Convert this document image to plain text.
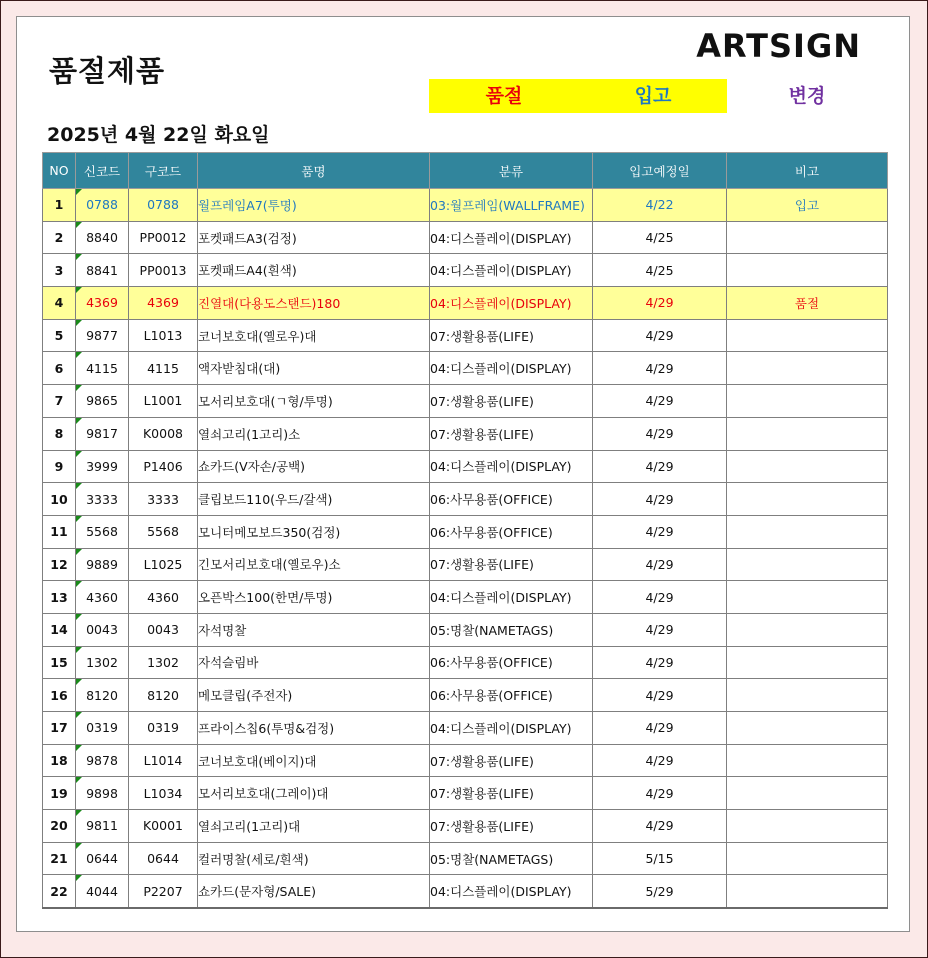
품절제품
ARTSIGN
품절	입고	변경
2025년 4월 22일 화요일
NO	신코드	구코드	품명	분류	입고예정일	비고
1	0788	0788	월프레임A7(투명)	03:월프레임(WALLFRAME)	4/22	입고
2	8840	PP0012	포켓패드A3(검정)	04:디스플레이(DISPLAY)	4/25	
3	8841	PP0013	포켓패드A4(흰색)	04:디스플레이(DISPLAY)	4/25	
4	4369	4369	진열대(다용도스탠드)180	04:디스플레이(DISPLAY)	4/29	품절
5	9877	L1013	코너보호대(옐로우)대	07:생활용품(LIFE)	4/29	
6	4115	4115	액자받침대(대)	04:디스플레이(DISPLAY)	4/29	
7	9865	L1001	모서리보호대(ㄱ형/투명)	07:생활용품(LIFE)	4/29	
8	9817	K0008	열쇠고리(1고리)소	07:생활용품(LIFE)	4/29	
9	3999	P1406	쇼카드(V자손/공백)	04:디스플레이(DISPLAY)	4/29	
10	3333	3333	클립보드110(우드/갈색)	06:사무용품(OFFICE)	4/29	
11	5568	5568	모니터메모보드350(검정)	06:사무용품(OFFICE)	4/29	
12	9889	L1025	긴모서리보호대(옐로우)소	07:생활용품(LIFE)	4/29	
13	4360	4360	오픈박스100(한면/투명)	04:디스플레이(DISPLAY)	4/29	
14	0043	0043	자석명찰	05:명찰(NAMETAGS)	4/29	
15	1302	1302	자석슬림바	06:사무용품(OFFICE)	4/29	
16	8120	8120	메모클립(주전자)	06:사무용품(OFFICE)	4/29	
17	0319	0319	프라이스칩6(투명&검정)	04:디스플레이(DISPLAY)	4/29	
18	9878	L1014	코너보호대(베이지)대	07:생활용품(LIFE)	4/29	
19	9898	L1034	모서리보호대(그레이)대	07:생활용품(LIFE)	4/29	
20	9811	K0001	열쇠고리(1고리)대	07:생활용품(LIFE)	4/29	
21	0644	0644	컬러명찰(세로/흰색)	05:명찰(NAMETAGS)	5/15	
22	4044	P2207	쇼카드(문자형/SALE)	04:디스플레이(DISPLAY)	5/29	
